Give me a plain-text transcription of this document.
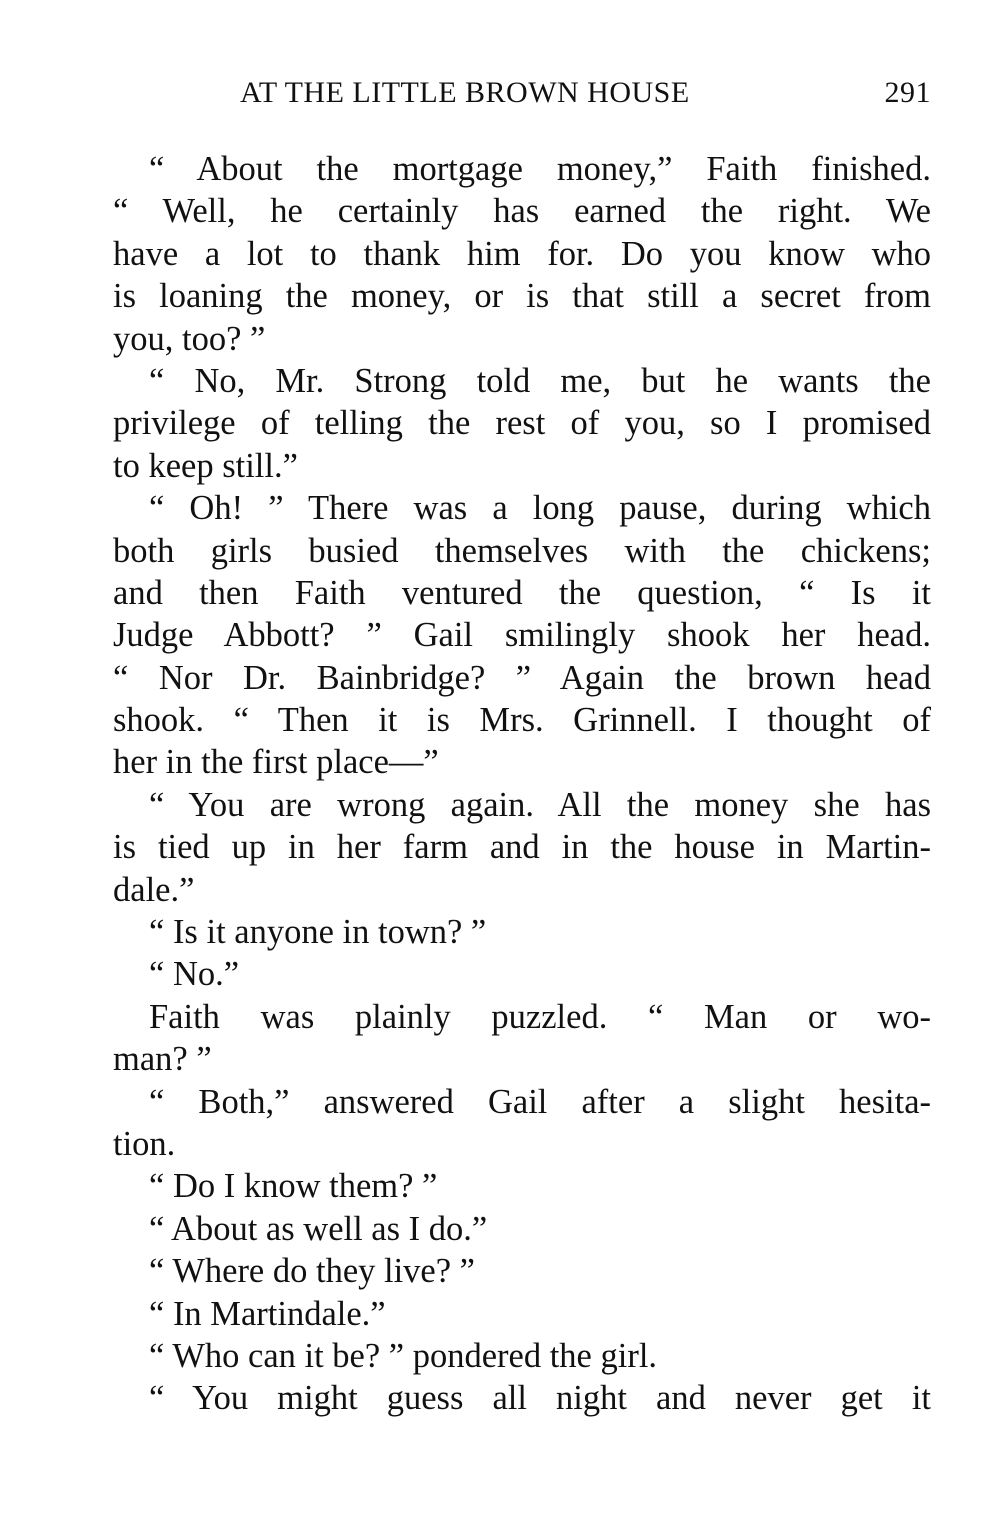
AT THE LITTLE BROWN HOUSE	291
“ About the mortgage money,” Faith finished.
“ Well, he certainly has earned the right. We
have a lot to thank him for. Do you know who
is loaning the money, or is that still a secret from
you, too? ”
“ No, Mr. Strong told me, but he wants the
privilege of telling the rest of you, so I promised
to keep still.”
“ Oh! ” There was a long pause, during which
both girls busied themselves with the chickens;
and then Faith ventured the question, “ Is it
Judge Abbott? ” Gail smilingly shook her head.
“ Nor Dr. Bainbridge? ” Again the brown head
shook. “ Then it is Mrs. Grinnell. I thought of
her in the first place—”
“ You are wrong again. All the money she has
is tied up in her farm and in the house in Martin-
dale.”
“ Is it anyone in town? ”
“ No.”
Faith was plainly puzzled. “ Man or wo-
man? ”
“ Both,” answered Gail after a slight hesita-
tion.
“ Do I know them? ”
“ About as well as I do.”
“ Where do they live? ”
“ In Martindale.”
“ Who can it be? ” pondered the girl.
“ You might guess all night and never get it
